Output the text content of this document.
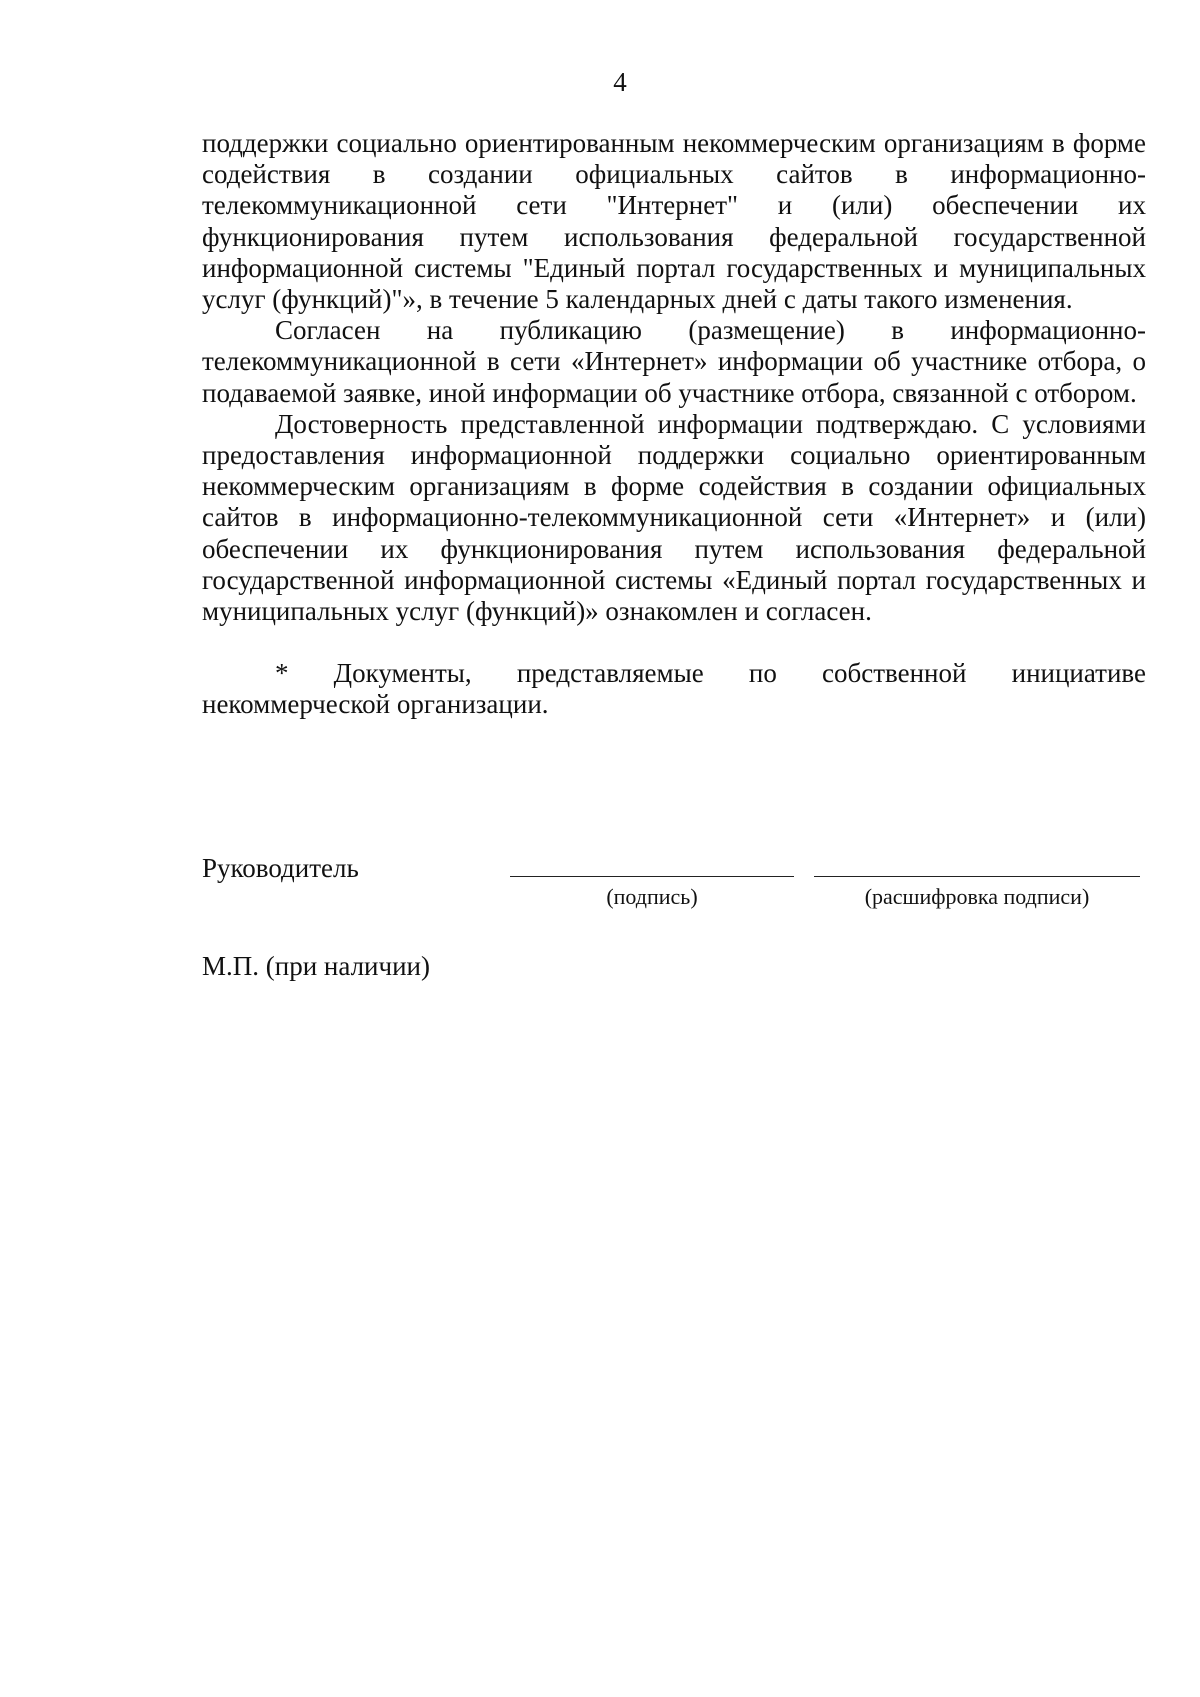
4

поддержки социально ориентированным некоммерческим организациям в форме содействия в создании официальных сайтов в информационно-телекоммуникационной сети "Интернет" и (или) обеспечении их функционирования путем использования федеральной государственной информационной системы "Единый портал государственных и муниципальных услуг (функций)"», в течение 5 календарных дней с даты такого изменения.

Согласен на публикацию (размещение) в информационно-телекоммуникационной в сети «Интернет» информации об участнике отбора, о подаваемой заявке, иной информации об участнике отбора, связанной с отбором.

Достоверность представленной информации подтверждаю. С условиями предоставления информационной поддержки социально ориентированным некоммерческим организациям в форме содействия в создании официальных сайтов в информационно-телекоммуникационной сети «Интернет» и (или) обеспечении их функционирования путем использования федеральной государственной информационной системы «Единый портал государственных и муниципальных услуг (функций)» ознакомлен и согласен.

* Документы, представляемые по собственной инициативе некоммерческой организации.

Руководитель
(подпись)	(расшифровка подписи)
М.П. (при наличии)
